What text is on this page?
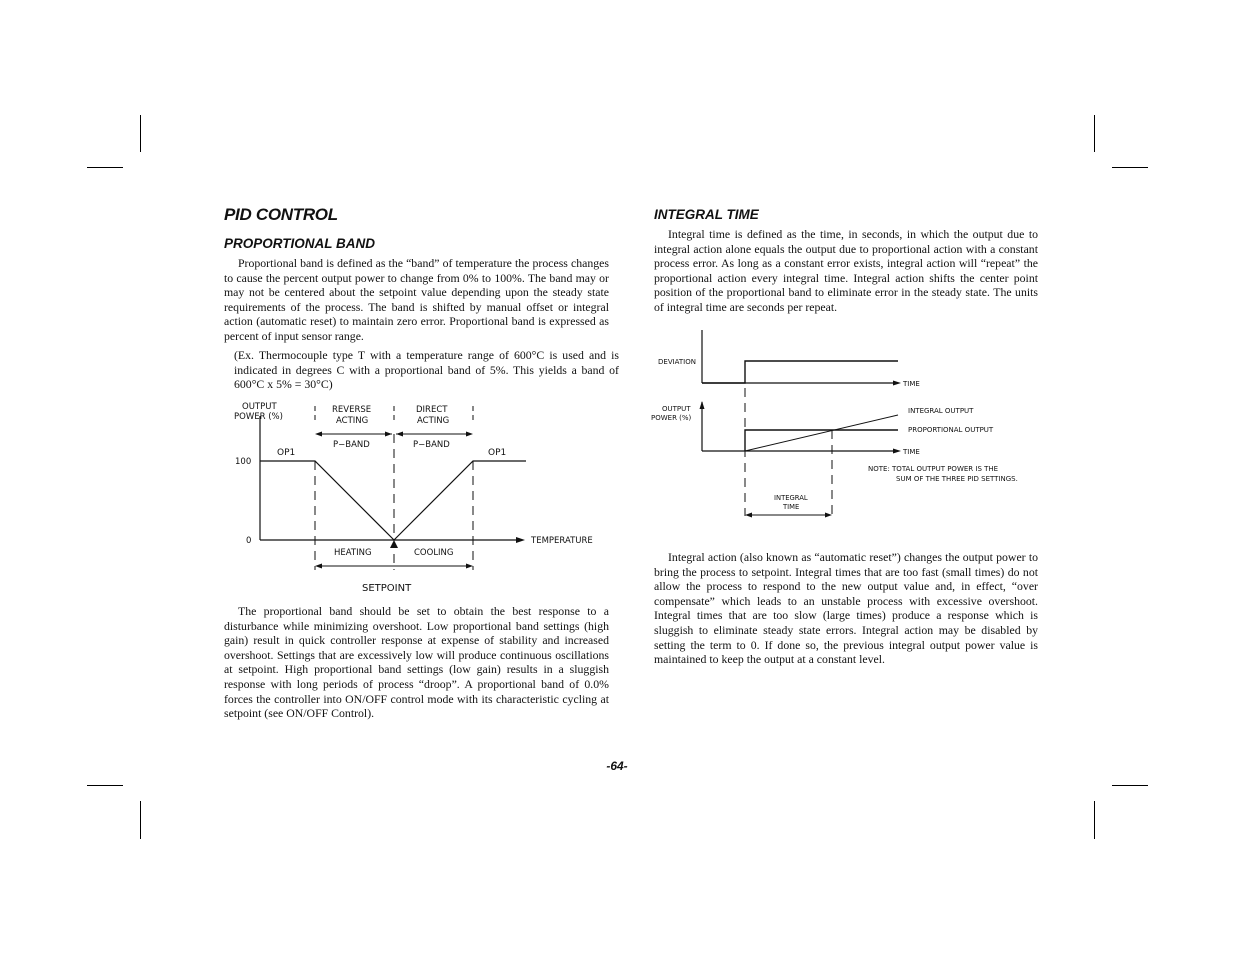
PID CONTROL
PROPORTIONAL BAND

Proportional band is defined as the “band” of temperature the process changes to cause the percent output power to change from 0% to 100%. The band may or may not be centered about the setpoint value depending upon the steady state requirements of the process. The band is shifted by manual offset or integral action (automatic reset) to maintain zero error. Proportional band is expressed as percent of input sensor range.

(Ex. Thermocouple type T with a temperature range of 600°C is used and is indicated in degrees C with a proportional band of 5%. This yields a band of 600°C x 5% = 30°C)

OUTPUT
POWER (%)
REVERSE
ACTING
DIRECT
ACTING
P−BAND	P−BAND
OP1	OP1
100
0	TEMPERATURE
HEATING	COOLING
SETPOINT

The proportional band should be set to obtain the best response to a disturbance while minimizing overshoot. Low proportional band settings (high gain) result in quick controller response at expense of stability and increased overshoot. Settings that are excessively low will produce continuous oscillations at setpoint. High proportional band settings (low gain) results in a sluggish response with long periods of process “droop”. A proportional band of 0.0% forces the controller into ON/OFF control mode with its characteristic cycling at setpoint (see ON/OFF Control).

INTEGRAL TIME

Integral time is defined as the time, in seconds, in which the output due to integral action alone equals the output due to proportional action with a constant process error. As long as a constant error exists, integral action will “repeat” the proportional action every integral time. Integral action shifts the center point position of the proportional band to eliminate error in the steady state. The units of integral time are seconds per repeat.

DEVIATION
TIME
OUTPUT
POWER (%)
TIME
INTEGRAL OUTPUT
PROPORTIONAL OUTPUT
NOTE: TOTAL OUTPUT POWER IS THE
SUM OF THE THREE PID SETTINGS.
INTEGRAL
TIME

Integral action (also known as “automatic reset”) changes the output power to bring the process to setpoint. Integral times that are too fast (small times) do not allow the process to respond to the new output value and, in effect, “over compensate” which leads to an unstable process with excessive overshoot. Integral times that are too slow (large times) produce a response which is sluggish to eliminate steady state errors. Integral action may be disabled by setting the term to 0. If done so, the previous integral output power value is maintained to keep the output at a constant level.

-64-
